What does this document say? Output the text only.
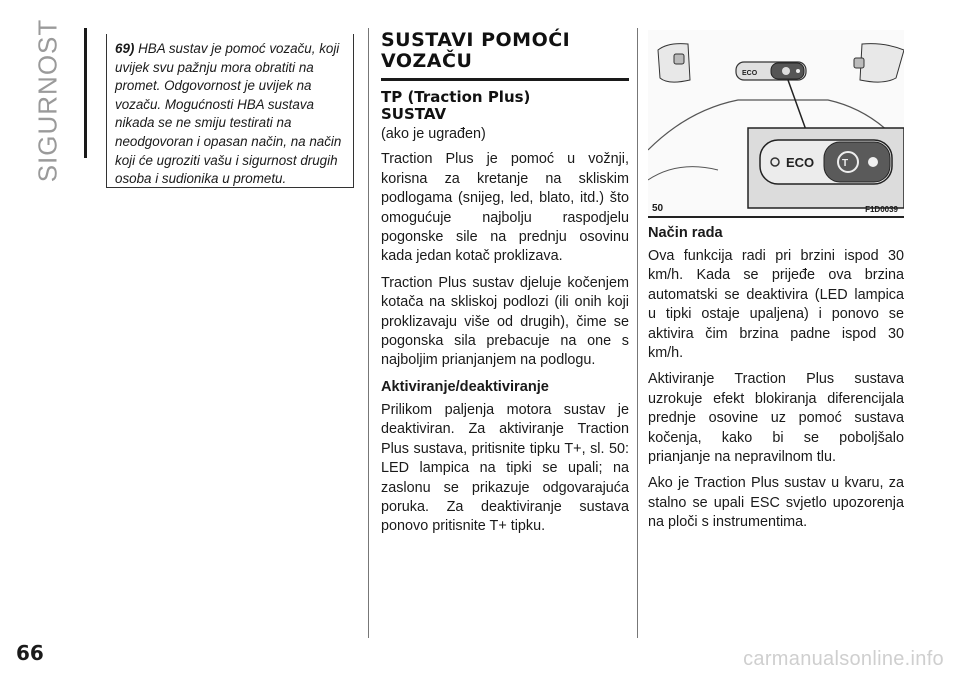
SIGURNOST	69) HBA sustav je pomoć vozaču, koji uvijek svu pažnju mora obratiti na promet. Odgovornost je uvijek na vozaču. Mogućnosti HBA sustava nikada se ne smiju testirati na neodgovoran i opasan način, na način koji će ugroziti vašu i sigurnost drugih osoba i sudionika u prometu.
SUSTAVI POMOĆI
VOZAČU
TP (Traction Plus)
SUSTAV

(ako je ugrađen)

Traction Plus je pomoć u vožnji, korisna za kretanje na skliskim podlogama (snijeg, led, blato, itd.) što omogućuje najbolju raspodjelu pogonske sile na prednju osovinu kada jedan kotač proklizava.

Traction Plus sustav djeluje kočenjem kotača na skliskoj podlozi (ili onih koji proklizavaju više od drugih), čime se pogonska sila prebacuje na one s najboljim prianjanjem na podlogu.

Aktiviranje/deaktiviranje

Prilikom paljenja motora sustav je deaktiviran. Za aktiviranje Traction Plus sustava, pritisnite tipku T+, sl. 50: LED lampica na tipki se upali; na zaslonu se prikazuje odgovarajuća poruka. Za deaktiviranje sustava ponovo pritisnite T+ tipku.

ECO
T
ECO
50	F1D0039
Način rada

Ova funkcija radi pri brzini ispod 30 km/h. Kada se prijeđe ova brzina automatski se deaktivira (LED lampica u tipki ostaje upaljena) i ponovo se aktivira čim brzina padne ispod 30 km/h.

Aktiviranje Traction Plus sustava uzrokuje efekt blokiranja diferencijala prednje osovine uz pomoć sustava kočenja, kako bi se poboljšalo prianjanje na nepravilnom tlu.

Ako je Traction Plus sustav u kvaru, za stalno se upali ESC svjetlo upozorenja na ploči s instrumentima.

66	carmanualsonline.info
